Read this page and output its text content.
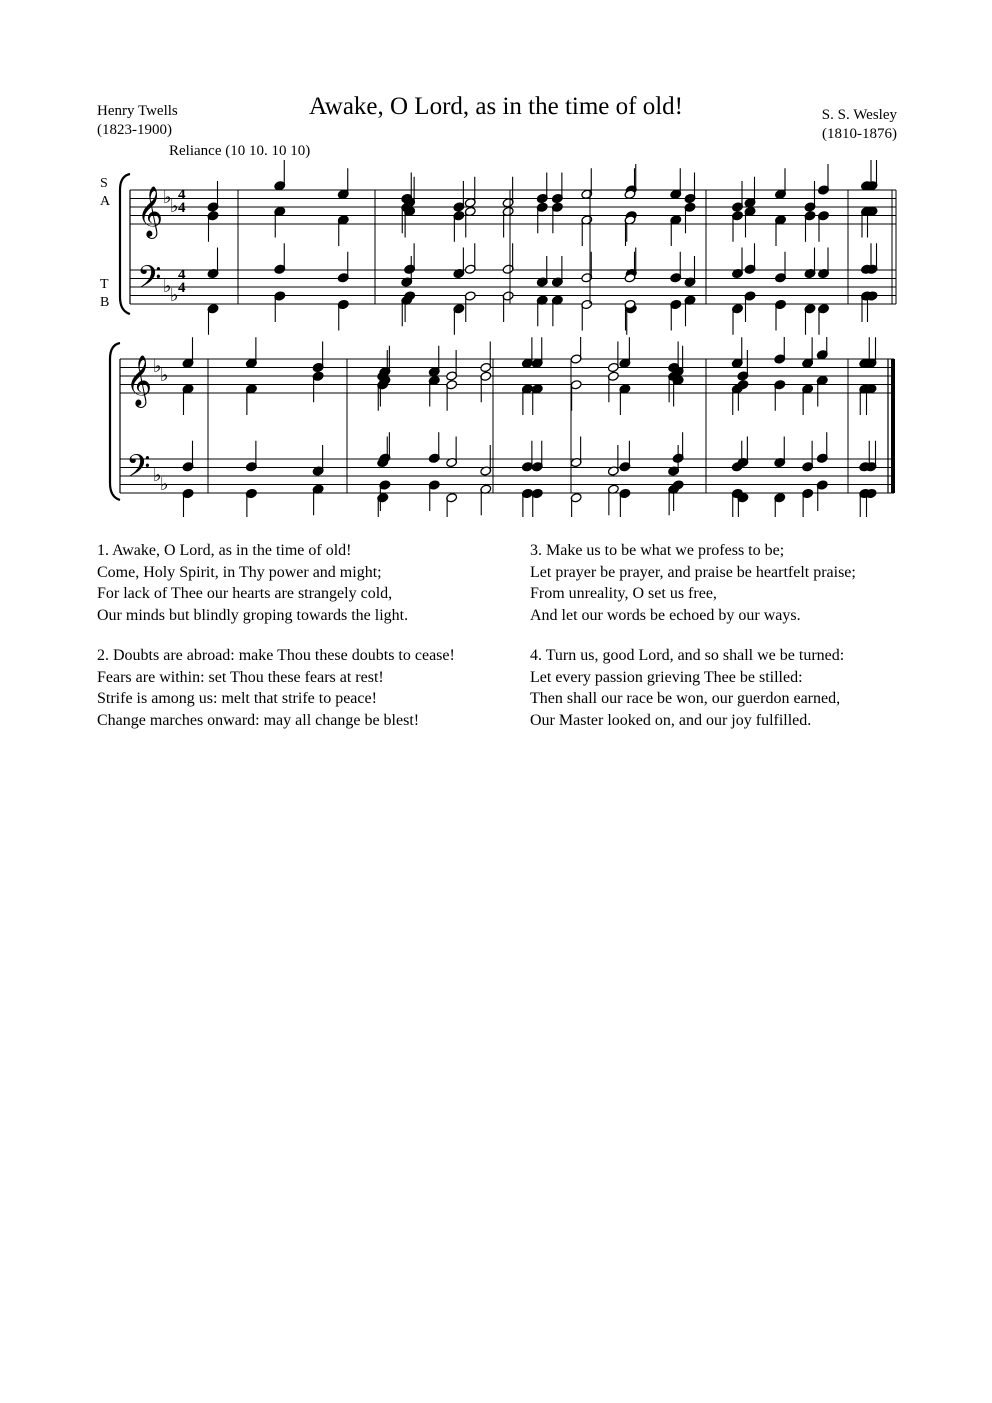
Awake, O Lord, as in the time of old!
Henry Twells
(1823-1900)
S. S. Wesley
(1810-1876)
Reliance (10 10. 10 10)
S
A
T
B
𝄞
𝄢
♭
♭
♭
♭
4
4
4
4
𝄞
𝄢
♭
♭
♭
♭
1. Awake, O Lord, as in the time of old!
Come, Holy Spirit, in Thy power and might;
For lack of Thee our hearts are strangely cold,
Our minds but blindly groping towards the light.
2. Doubts are abroad: make Thou these doubts to cease!
Fears are within: set Thou these fears at rest!
Strife is among us: melt that strife to peace!
Change marches onward: may all change be blest!
3. Make us to be what we profess to be;
Let prayer be prayer, and praise be heartfelt praise;
From unreality, O set us free,
And let our words be echoed by our ways.
4. Turn us, good Lord, and so shall we be turned:
Let every passion grieving Thee be stilled:
Then shall our race be won, our guerdon earned,
Our Master looked on, and our joy fulfilled.
